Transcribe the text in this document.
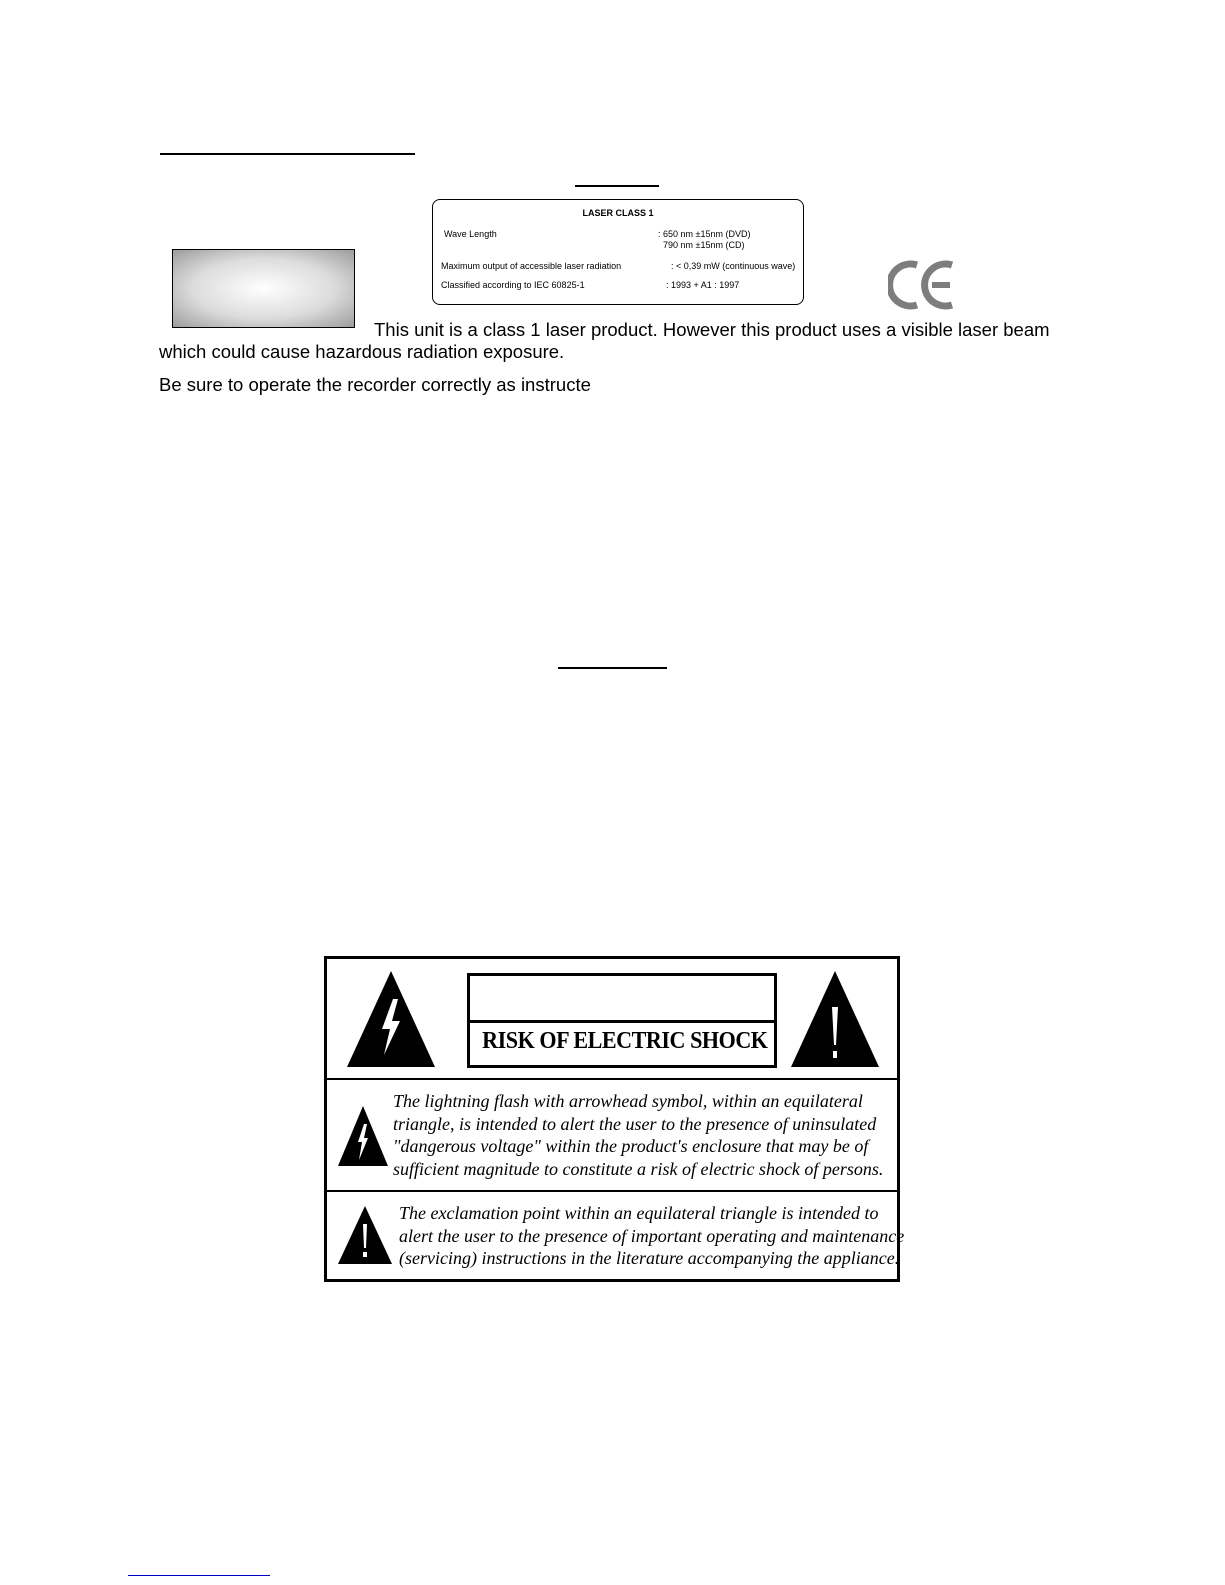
LASER CLASS 1
Wave Length	: 650 nm ±15nm (DVD)
790 nm ±15nm (CD)
Maximum output of accessible laser radiation	: < 0,39 mW (continuous wave)
Classified according to IEC 60825-1	: 1993 + A1 : 1997
This unit is a class 1 laser product. However this product uses a visible laser beam
which could cause hazardous radiation exposure.
Be sure to operate the recorder correctly as instructe
RISK OF ELECTRIC SHOCK
The lightning flash with arrowhead symbol, within an equilateral
triangle, is intended to alert the user to the presence of uninsulated
"dangerous voltage" within the product's enclosure that may be of
sufficient magnitude to constitute a risk of electric shock of persons.
The exclamation point within an equilateral triangle is intended to
alert the user to the presence of important operating and maintenance
(servicing) instructions in the literature accompanying the appliance.
